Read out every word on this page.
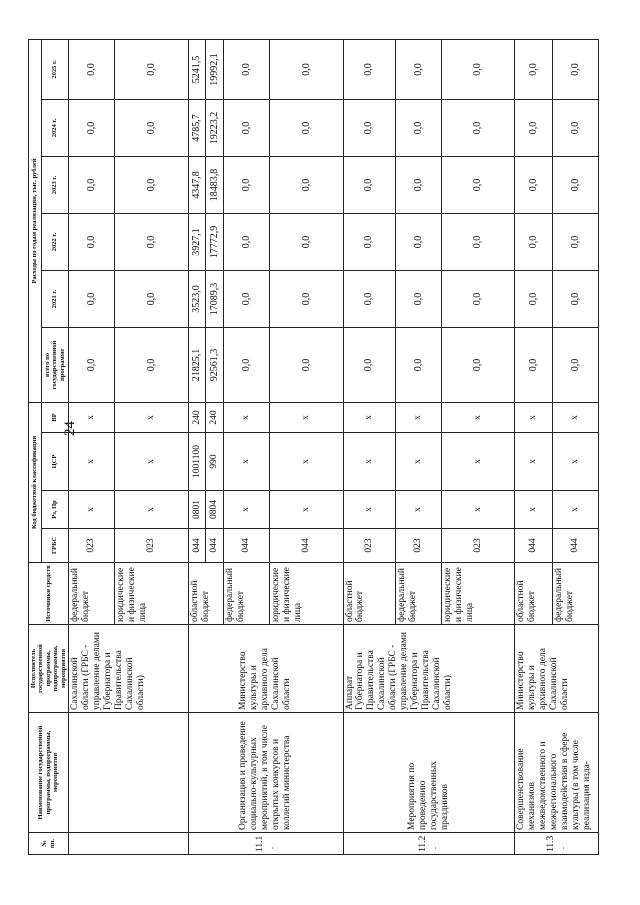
24
№ пп.	Наименование государственной программы, подпрограммы, мероприятия	Исполнитель государственной программы, подпрограммы, мероприятия	Источники средств	Код бюджетной классификации				Расходы по годам реализации, тыс. рублей					
				ГРБС	Рз, Пр	ЦСР	ВР	всего по государственной программе	2021 г.	2022 г.	2023 г.	2024 г.	2025 г.
		Сахалинской области (ГРБС - управление делами Губернатора и Правительства Сахалинской области)	федеральный бюджет	023	x	x	x	0,0	0,0	0,0	0,0	0,0	0,0
			юридические и физические лица	023	x	x	x	0,0	0,0	0,0	0,0	0,0	0,0
11.1.	Организация и проведение социально-культурных мероприятий, в том числе открытых конкурсов и коллегий министерства	Министерство культуры и архивного дела Сахалинской области	областной бюджет	044	0801	1001100	240	21825,1	3523,0	3927,1	4347,8	4785,7	5241,5
				044	0804	990	240	92561,3	17089,3	17772,9	18483,8	19223,2	19992,1
			федеральный бюджет	044	x	x	x	0,0	0,0	0,0	0,0	0,0	0,0
			юридические и физические лица	044	x	x	x	0,0	0,0	0,0	0,0	0,0	0,0
11.2.	Мероприятия по проведению государственных праздников	Аппарат Губернатора и Правительства Сахалинской области (ГРБС - управление делами Губернатора и Правительства Сахалинской области)	областной бюджет	023	x	x	x	0,0	0,0	0,0	0,0	0,0	0,0
			федеральный бюджет	023	x	x	x	0,0	0,0	0,0	0,0	0,0	0,0
			юридические и физические лица	023	x	x	x	0,0	0,0	0,0	0,0	0,0	0,0
11.3.	Совершенствование механизмов межведомственного и межрегионального взаимодействия в сфере культуры (в том числе реализация изда-	Министерство культуры и архивного дела Сахалинской области	областной бюджет	044	x	x	x	0,0	0,0	0,0	0,0	0,0	0,0
			федеральный бюджет	044	x	x	x	0,0	0,0	0,0	0,0	0,0	0,0
